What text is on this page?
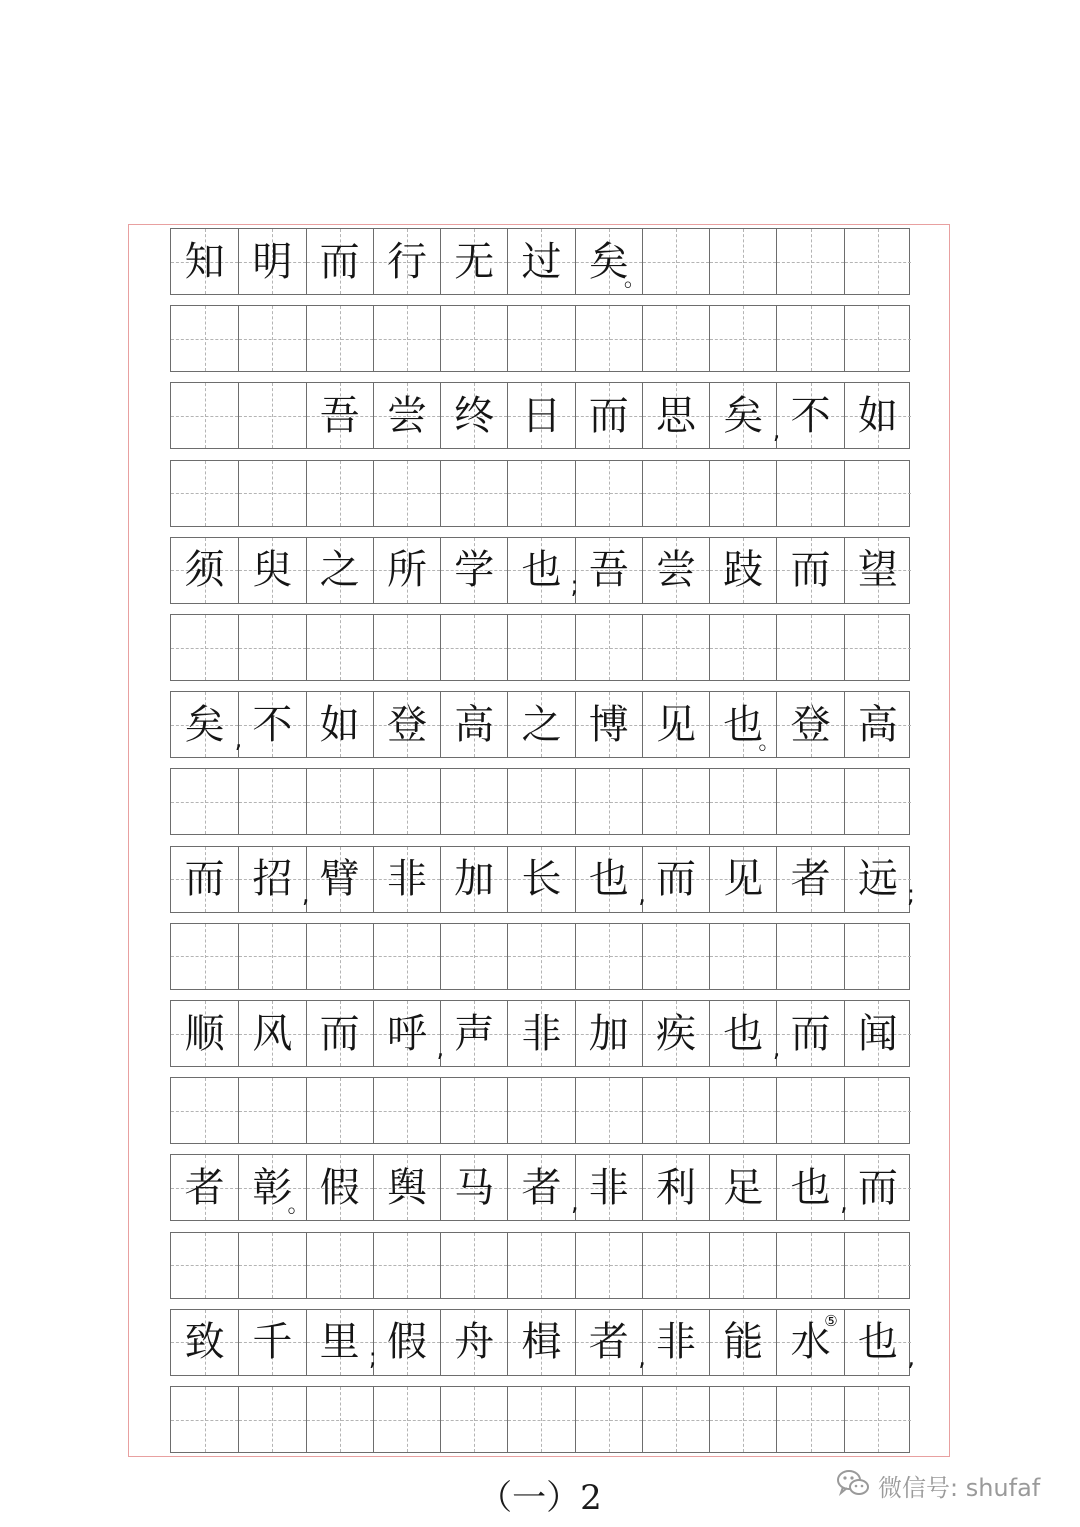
知 明 而 行 无 过 矣
。
吾 尝 终 日 而 思 矣 , 不 如
须 臾 之 所 学 也 ; 吾 尝 跂 而 望
矣 , 不 如 登 高 之 博 见 也
。 登 高
而 招 , 臂 非 加 长 也 , 而 见 者 远 ;
顺 风 而 呼 , 声 非 加 疾 也 , 而 闻
者 彰
。 假 舆 马 者 , 非 利 足 也 , 而
致 千 里 ; 假 舟 楫 者 , 非 能 水
⑤ 也 ,
（一）2	微信号: shufaf
